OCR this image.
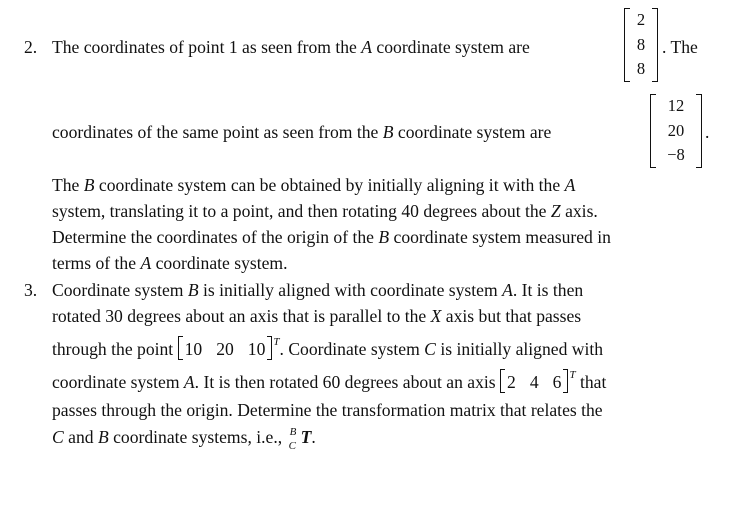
2. The coordinates of point 1 as seen from the A coordinate system are
2
8
8
. The
coordinates of the same point as seen from the B coordinate system are
12
20
−8
.
The B coordinate system can be obtained by initially aligning it with the A
system, translating it to a point, and then rotating 40 degrees about the Z axis.
Determine the coordinates of the origin of the B coordinate system measured in
terms of the A coordinate system.
3. Coordinate system B is initially aligned with coordinate system A. It is then
rotated 30 degrees about an axis that is parallel to the X axis but that passes
through the point 10 20 10 $^T$. Coordinate system C is initially aligned with
coordinate system A. It is then rotated 60 degrees about an axis 2 4 6 $^T$ that
passes through the origin. Determine the transformation matrix that relates the
C and B coordinate systems, i.e., B
C T.
